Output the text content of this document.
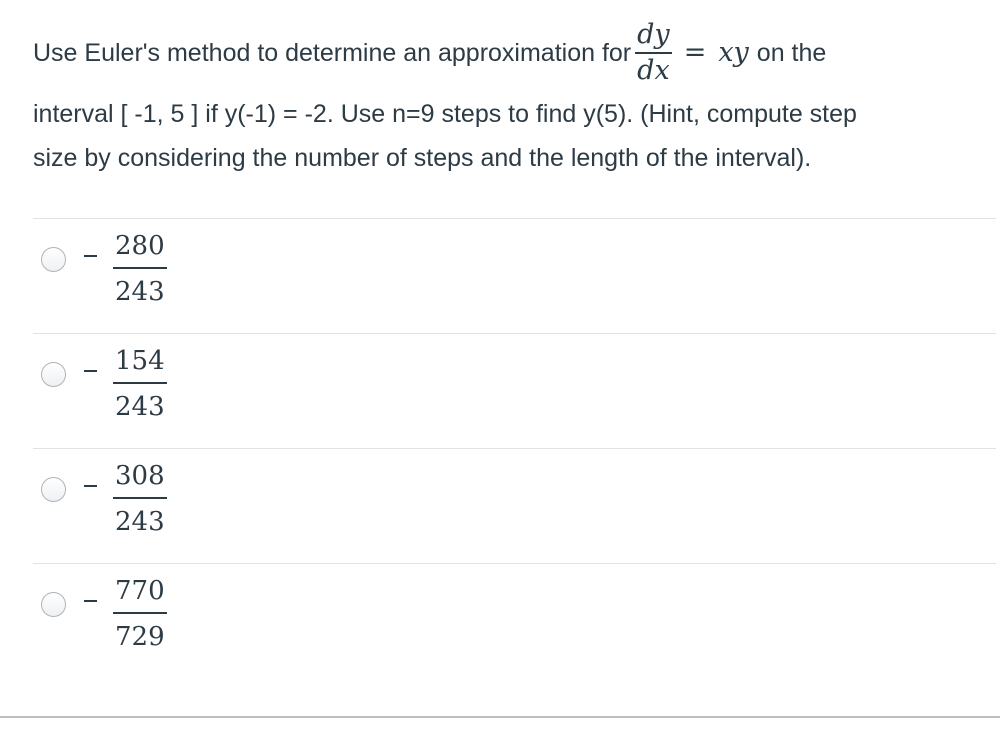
Use Euler's method to determine an approximation for $\frac{dy}{dx}$ = xy on the
interval [ -1, 5 ] if y(-1) = -2. Use n=9 steps to find y(5). (Hint, compute step
size by considering the number of steps and the length of the interval).
$\frac{280}{243}$
$\frac{154}{243}$
$\frac{308}{243}$
$\frac{770}{729}$
